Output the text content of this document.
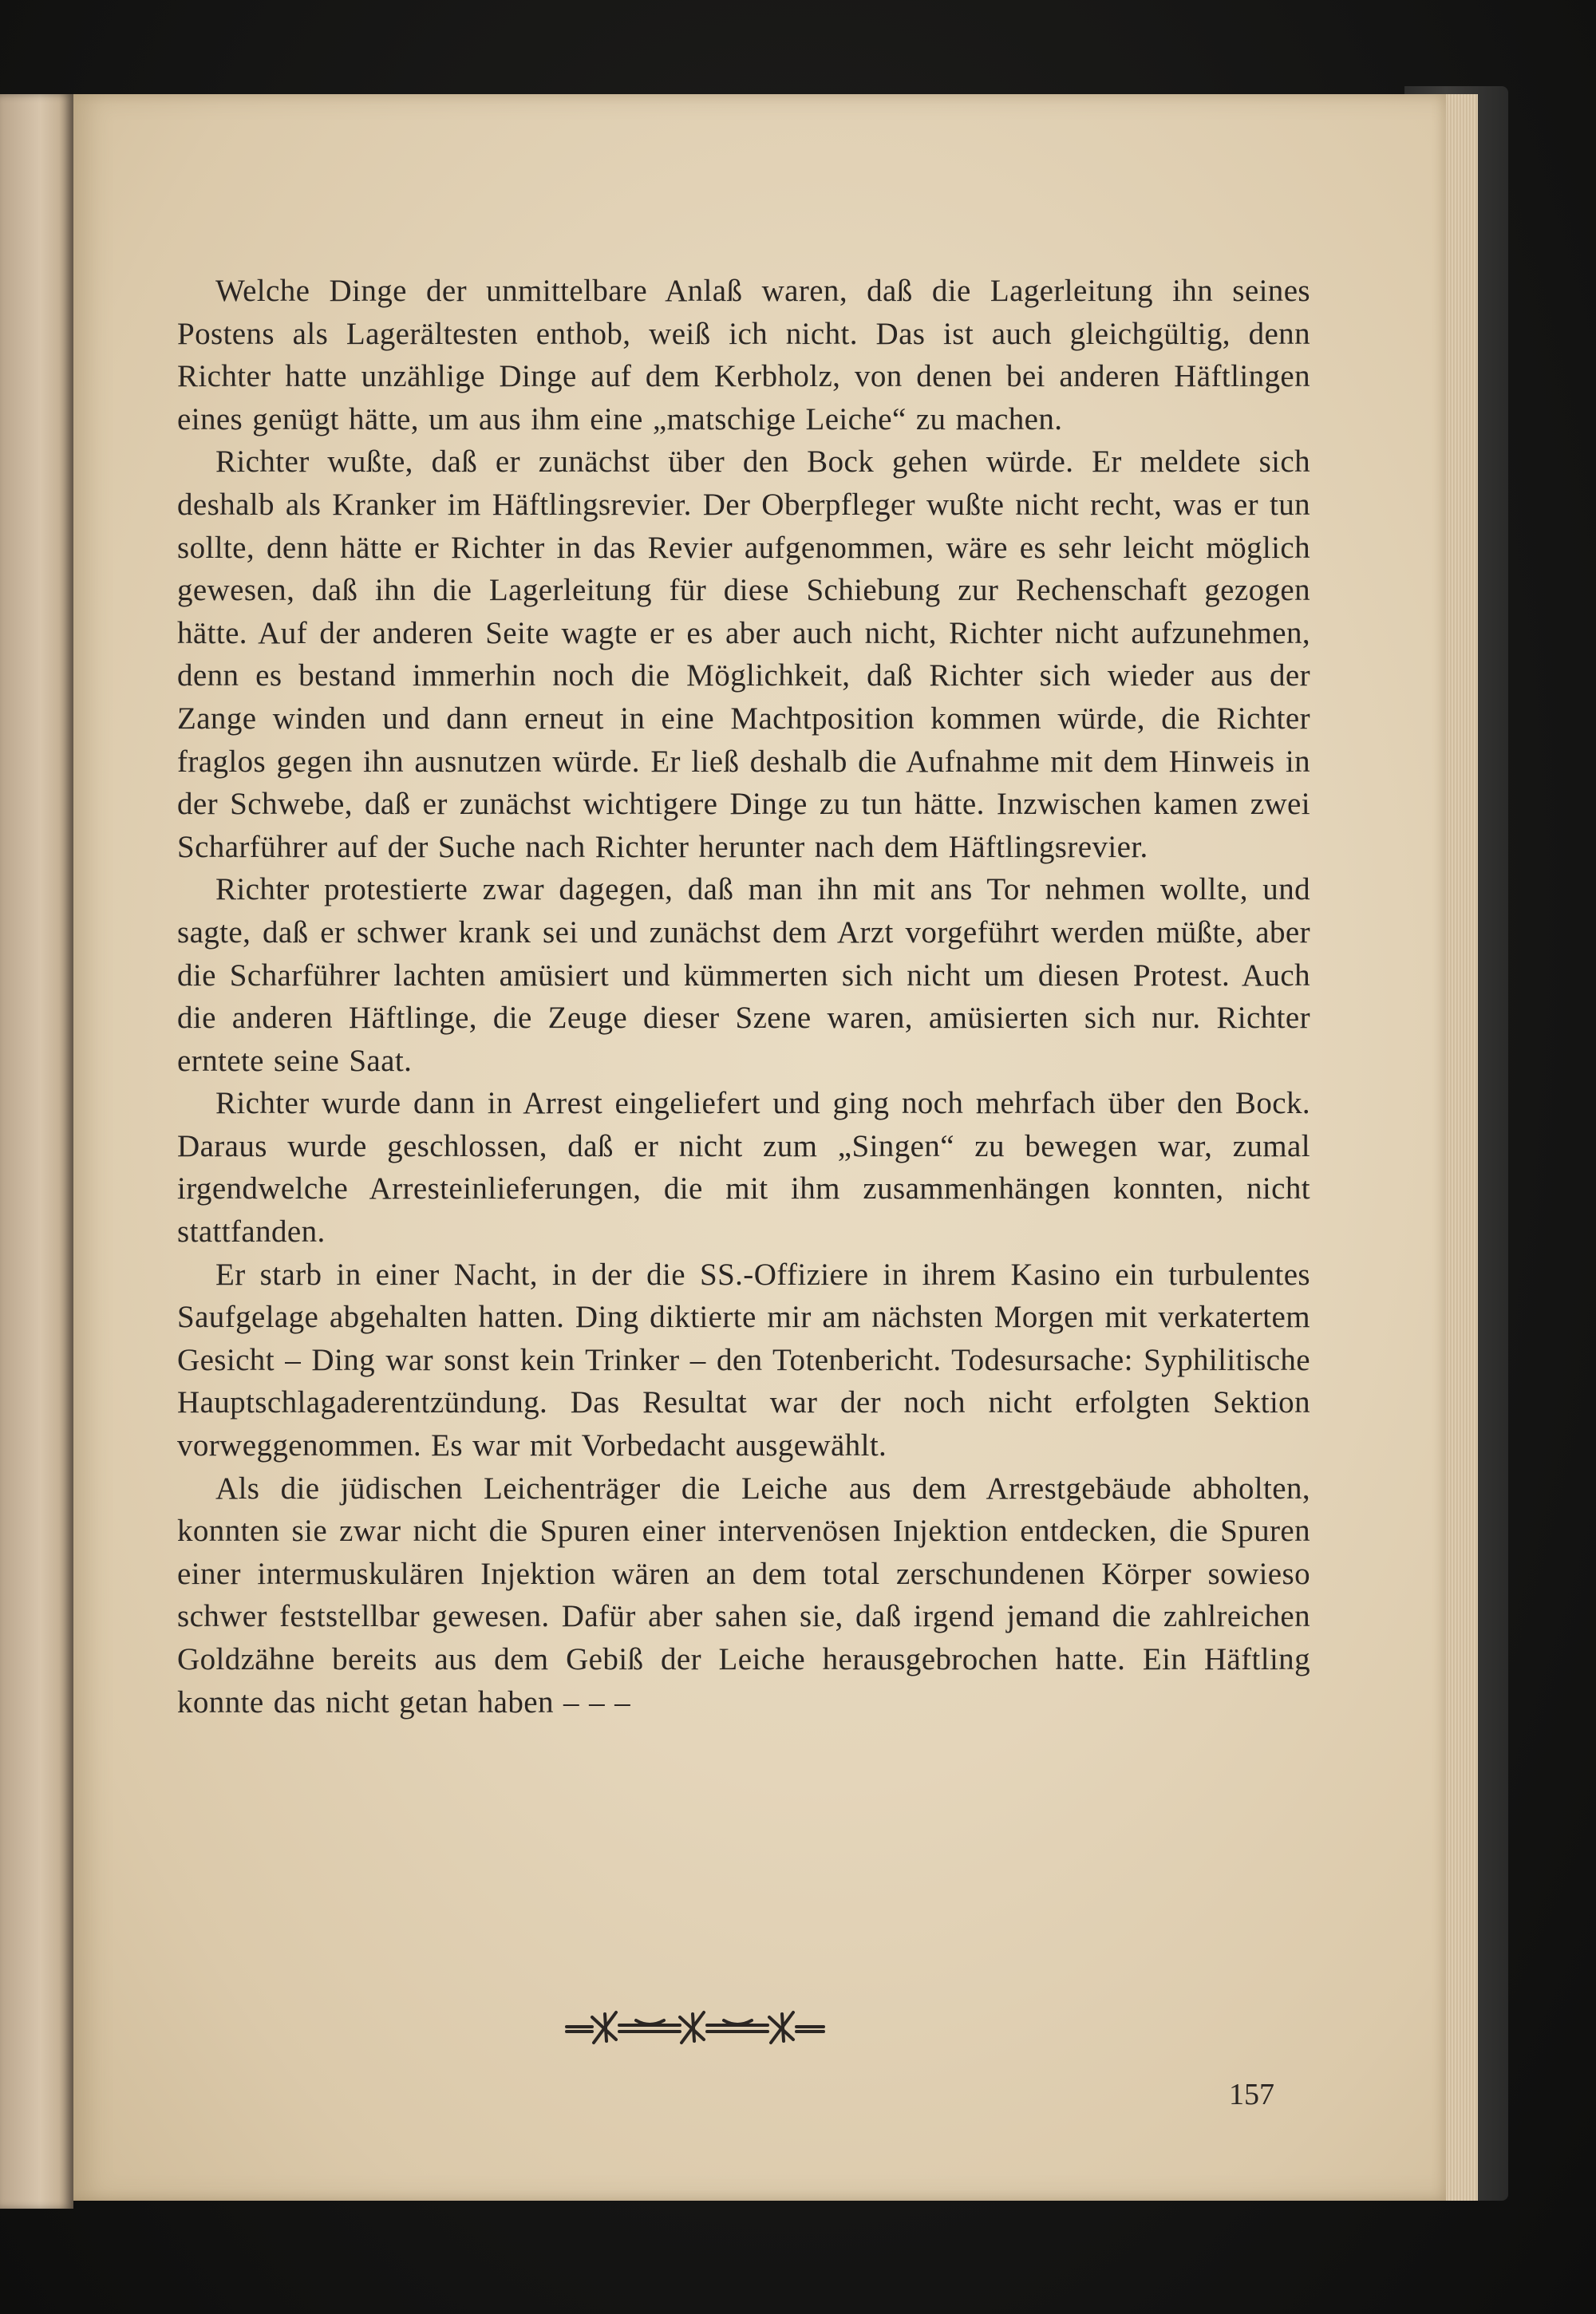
Welche Dinge der unmittelbare Anlaß waren, daß die Lagerleitung ihn seines Postens als Lagerältesten enthob, weiß ich nicht. Das ist auch gleichgültig, denn Richter hatte unzählige Dinge auf dem Kerbholz, von denen bei anderen Häftlingen eines genügt hätte, um aus ihm eine „matschige Leiche“ zu machen.

Richter wußte, daß er zunächst über den Bock gehen würde. Er meldete sich deshalb als Kranker im Häftlingsrevier. Der Oberpfleger wußte nicht recht, was er tun sollte, denn hätte er Richter in das Revier aufgenommen, wäre es sehr leicht möglich gewesen, daß ihn die Lagerleitung für diese Schiebung zur Rechenschaft gezogen hätte. Auf der anderen Seite wagte er es aber auch nicht, Richter nicht aufzunehmen, denn es bestand immerhin noch die Möglichkeit, daß Richter sich wieder aus der Zange winden und dann erneut in eine Machtposition kommen würde, die Richter fraglos gegen ihn ausnutzen würde. Er ließ deshalb die Aufnahme mit dem Hinweis in der Schwebe, daß er zunächst wichtigere Dinge zu tun hätte. Inzwischen kamen zwei Scharführer auf der Suche nach Richter herunter nach dem Häftlingsrevier.

Richter protestierte zwar dagegen, daß man ihn mit ans Tor nehmen wollte, und sagte, daß er schwer krank sei und zunächst dem Arzt vorgeführt werden müßte, aber die Scharführer lachten amüsiert und kümmerten sich nicht um diesen Protest. Auch die anderen Häftlinge, die Zeuge dieser Szene waren, amüsierten sich nur. Richter erntete seine Saat.

Richter wurde dann in Arrest eingeliefert und ging noch mehrfach über den Bock. Daraus wurde geschlossen, daß er nicht zum „Singen“ zu bewegen war, zumal irgendwelche Arresteinlieferungen, die mit ihm zusammenhängen konnten, nicht stattfanden.

Er starb in einer Nacht, in der die SS.-Offiziere in ihrem Kasino ein turbulentes Saufgelage abgehalten hatten. Ding diktierte mir am nächsten Morgen mit verkatertem Gesicht – Ding war sonst kein Trinker – den Totenbericht. Todesursache: Syphilitische Hauptschlagaderentzündung. Das Resultat war der noch nicht erfolgten Sektion vorweggenommen. Es war mit Vorbedacht ausgewählt.

Als die jüdischen Leichenträger die Leiche aus dem Arrestgebäude abholten, konnten sie zwar nicht die Spuren einer intervenösen Injektion entdecken, die Spuren einer intermuskulären Injektion wären an dem total zerschundenen Körper sowieso schwer feststellbar gewesen. Dafür aber sahen sie, daß irgend jemand die zahlreichen Goldzähne bereits aus dem Gebiß der Leiche herausgebrochen hatte. Ein Häftling konnte das nicht getan haben – – –

157
